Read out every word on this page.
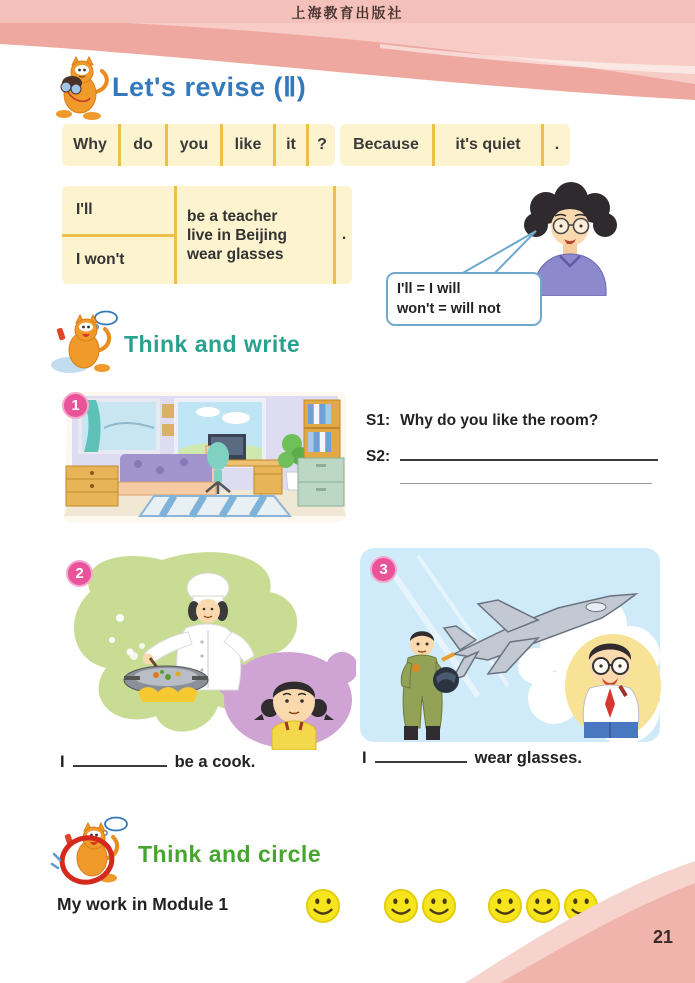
上海教育出版社
Let's revise (Ⅱ)
Why	do	you	like	it	?	Because	it's quiet	.
I'll
I won't
be a teacher
live in Beijing
wear glasses
.
I'll = I will
won't = will not
Think and write
1
S1: Why do you like the room?
S2:
2	3
I	be a cook.	I	wear glasses.
Think and circle
My work in Module 1
21
